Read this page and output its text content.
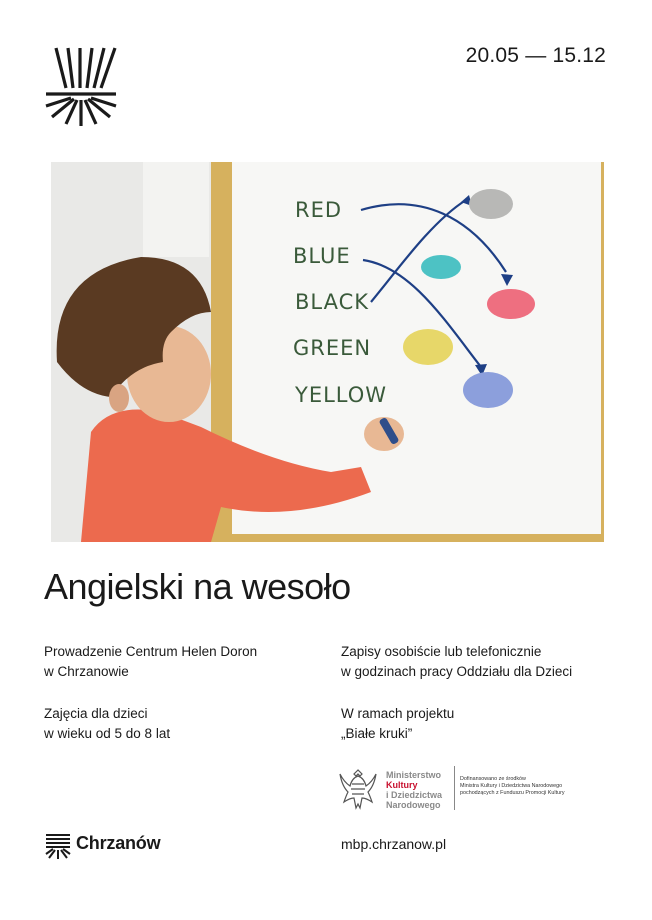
20.05 — 15.12
RED
BLUE
BLACK
GREEN
YELLOW
Angielski na wesoło
Prowadzenie Centrum Helen Doron
w Chrzanowie
Zajęcia dla dzieci
w wieku od 5 do 8 lat
Zapisy osobiście lub telefonicznie
w godzinach pracy Oddziału dla Dzieci
W ramach projektu
„Białe kruki”
Ministerstwo
Kultury
i Dziedzictwa
Narodowego
Dofinansowano ze środków
Ministra Kultury i Dziedzictwa Narodowego
pochodzących z Funduszu Promocji Kultury
Chrzanów	mbp.chrzanow.pl
